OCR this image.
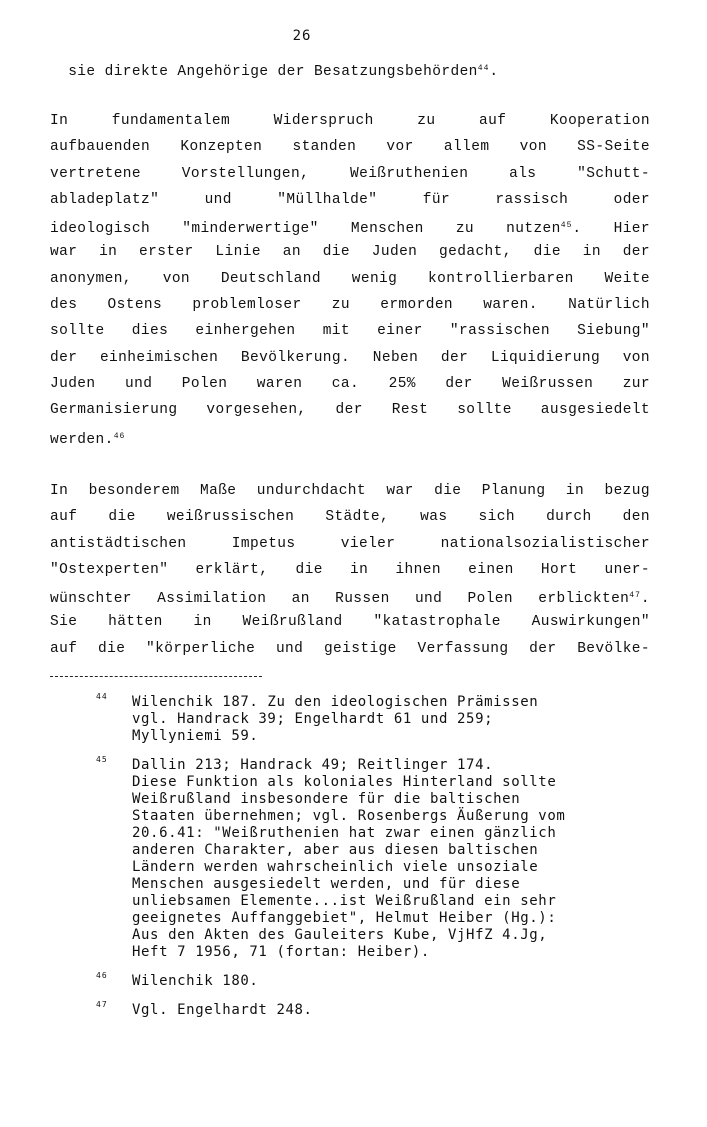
26
sie direkte Angehörige der Besatzungsbehörden$^{44}$.
In fundamentalem Widerspruch zu auf Kooperation
aufbauenden Konzepten standen vor allem von SS-Seite
vertretene Vorstellungen, Weißruthenien als "Schutt-
abladeplatz" und "Müllhalde" für rassisch oder
ideologisch "minderwertige" Menschen zu nutzen$^{45}$. Hier
war in erster Linie an die Juden gedacht, die in der
anonymen, von Deutschland wenig kontrollierbaren Weite
des Ostens problemloser zu ermorden waren. Natürlich
sollte dies einhergehen mit einer "rassischen Siebung"
der einheimischen Bevölkerung. Neben der Liquidierung von
Juden und Polen waren ca. 25% der Weißrussen zur
Germanisierung vorgesehen, der Rest sollte ausgesiedelt
werden.$^{46}$
In besonderem Maße undurchdacht war die Planung in bezug
auf die weißrussischen Städte, was sich durch den
antistädtischen Impetus vieler nationalsozialistischer
"Ostexperten" erklärt, die in ihnen einen Hort uner-
wünschter Assimilation an Russen und Polen erblickten$^{47}$.
Sie hätten in Weißrußland "katastrophale Auswirkungen"
auf die "körperliche und geistige Verfassung der Bevölke-
44 Wilenchik 187. Zu den ideologischen Prämissen
vgl. Handrack 39; Engelhardt 61 und 259;
Myllyniemi 59.
45 Dallin 213; Handrack 49; Reitlinger 174.
Diese Funktion als koloniales Hinterland sollte
Weißrußland insbesondere für die baltischen
Staaten übernehmen; vgl. Rosenbergs Äußerung vom
20.6.41: "Weißruthenien hat zwar einen gänzlich
anderen Charakter, aber aus diesen baltischen
Ländern werden wahrscheinlich viele unsoziale
Menschen ausgesiedelt werden, und für diese
unliebsamen Elemente...ist Weißrußland ein sehr
geeignetes Auffanggebiet", Helmut Heiber (Hg.):
Aus den Akten des Gauleiters Kube, VjHfZ 4.Jg,
Heft 7 1956, 71 (fortan: Heiber).
46 Wilenchik 180.
47 Vgl. Engelhardt 248.
